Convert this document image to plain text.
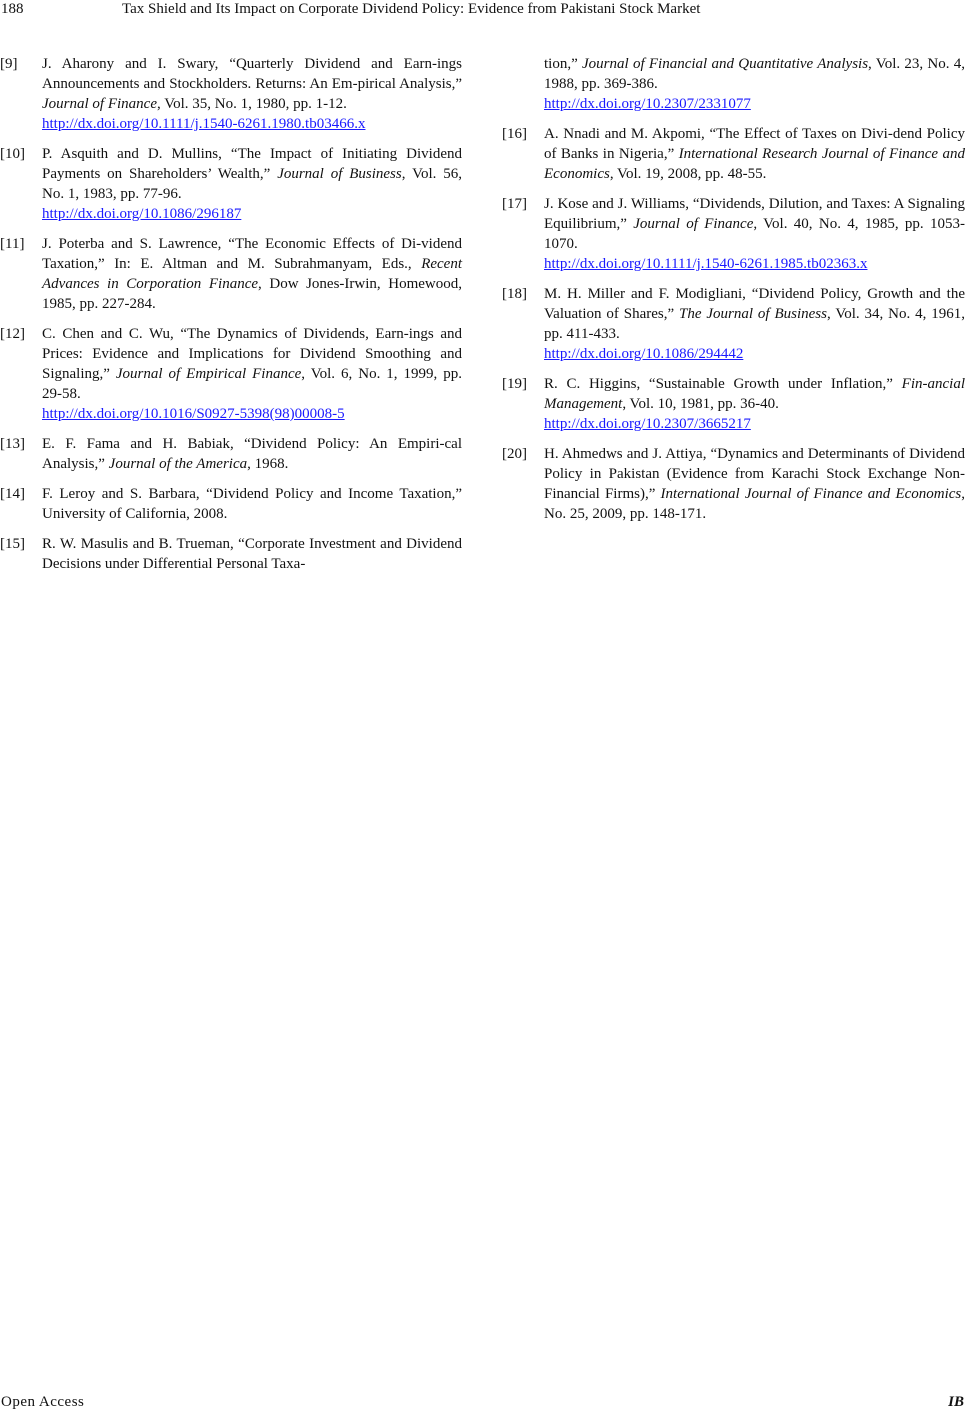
188	Tax Shield and Its Impact on Corporate Dividend Policy: Evidence from Pakistani Stock Market
[9] J. Aharony and I. Swary, “Quarterly Dividend and Earn-ings Announcements and Stockholders. Returns: An Em-pirical Analysis,” Journal of Finance, Vol. 35, No. 1, 1980, pp. 1-12.
http://dx.doi.org/10.1111/j.1540-6261.1980.tb03466.x
[10] P. Asquith and D. Mullins, “The Impact of Initiating Dividend Payments on Shareholders’ Wealth,” Journal of Business, Vol. 56, No. 1, 1983, pp. 77-96.
http://dx.doi.org/10.1086/296187
[11] J. Poterba and S. Lawrence, “The Economic Effects of Di-vidend Taxation,” In: E. Altman and M. Subrahmanyam, Eds., Recent Advances in Corporation Finance, Dow Jones-Irwin, Homewood, 1985, pp. 227-284.
[12] C. Chen and C. Wu, “The Dynamics of Dividends, Earn-ings and Prices: Evidence and Implications for Dividend Smoothing and Signaling,” Journal of Empirical Finance, Vol. 6, No. 1, 1999, pp. 29-58.
http://dx.doi.org/10.1016/S0927-5398(98)00008-5
[13] E. F. Fama and H. Babiak, “Dividend Policy: An Empiri-cal Analysis,” Journal of the America, 1968.
[14] F. Leroy and S. Barbara, “Dividend Policy and Income Taxation,” University of California, 2008.
[15] R. W. Masulis and B. Trueman, “Corporate Investment and Dividend Decisions under Differential Personal Taxa-
tion,” Journal of Financial and Quantitative Analysis, Vol. 23, No. 4, 1988, pp. 369-386.
http://dx.doi.org/10.2307/2331077
[16] A. Nnadi and M. Akpomi, “The Effect of Taxes on Divi-dend Policy of Banks in Nigeria,” International Research Journal of Finance and Economics, Vol. 19, 2008, pp. 48-55.
[17] J. Kose and J. Williams, “Dividends, Dilution, and Taxes: A Signaling Equilibrium,” Journal of Finance, Vol. 40, No. 4, 1985, pp. 1053-1070.
http://dx.doi.org/10.1111/j.1540-6261.1985.tb02363.x
[18] M. H. Miller and F. Modigliani, “Dividend Policy, Growth and the Valuation of Shares,” The Journal of Business, Vol. 34, No. 4, 1961, pp. 411-433.
http://dx.doi.org/10.1086/294442
[19] R. C. Higgins, “Sustainable Growth under Inflation,” Fin-ancial Management, Vol. 10, 1981, pp. 36-40.
http://dx.doi.org/10.2307/3665217
[20] H. Ahmedws and J. Attiya, “Dynamics and Determinants of Dividend Policy in Pakistan (Evidence from Karachi Stock Exchange Non-Financial Firms),” International Journal of Finance and Economics, No. 25, 2009, pp. 148-171.
Open Access	IB
